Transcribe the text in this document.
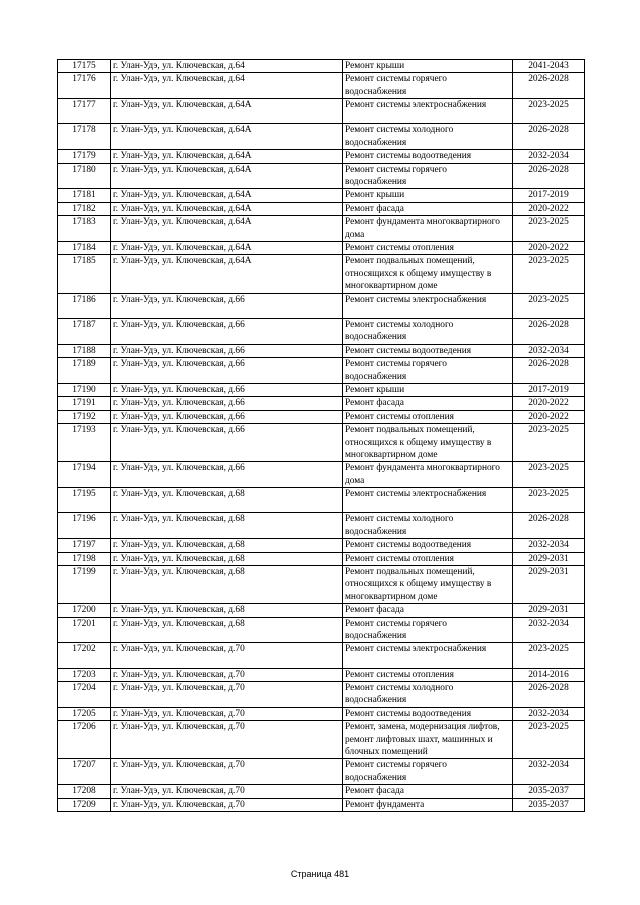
17175	г. Улан-Удэ, ул. Ключевская, д.64	Ремонт крыши	2041-2043
17176	г. Улан-Удэ, ул. Ключевская, д.64	Ремонт системы горячего водоснабжения	2026-2028
17177	г. Улан-Удэ, ул. Ключевская, д.64А	Ремонт системы электроснабжения	2023-2025
17178	г. Улан-Удэ, ул. Ключевская, д.64А	Ремонт системы холодного водоснабжения	2026-2028
17179	г. Улан-Удэ, ул. Ключевская, д.64А	Ремонт системы водоотведения	2032-2034
17180	г. Улан-Удэ, ул. Ключевская, д.64А	Ремонт системы горячего водоснабжения	2026-2028
17181	г. Улан-Удэ, ул. Ключевская, д.64А	Ремонт крыши	2017-2019
17182	г. Улан-Удэ, ул. Ключевская, д.64А	Ремонт фасада	2020-2022
17183	г. Улан-Удэ, ул. Ключевская, д.64А	Ремонт фундамента многоквартирного дома	2023-2025
17184	г. Улан-Удэ, ул. Ключевская, д.64А	Ремонт системы отопления	2020-2022
17185	г. Улан-Удэ, ул. Ключевская, д.64А	Ремонт подвальных помещений, относящихся к общему имуществу в многоквартирном доме	2023-2025
17186	г. Улан-Удэ, ул. Ключевская, д.66	Ремонт системы электроснабжения	2023-2025
17187	г. Улан-Удэ, ул. Ключевская, д.66	Ремонт системы холодного водоснабжения	2026-2028
17188	г. Улан-Удэ, ул. Ключевская, д.66	Ремонт системы водоотведения	2032-2034
17189	г. Улан-Удэ, ул. Ключевская, д.66	Ремонт системы горячего водоснабжения	2026-2028
17190	г. Улан-Удэ, ул. Ключевская, д.66	Ремонт крыши	2017-2019
17191	г. Улан-Удэ, ул. Ключевская, д.66	Ремонт фасада	2020-2022
17192	г. Улан-Удэ, ул. Ключевская, д.66	Ремонт системы отопления	2020-2022
17193	г. Улан-Удэ, ул. Ключевская, д.66	Ремонт подвальных помещений, относящихся к общему имуществу в многоквартирном доме	2023-2025
17194	г. Улан-Удэ, ул. Ключевская, д.66	Ремонт фундамента многоквартирного дома	2023-2025
17195	г. Улан-Удэ, ул. Ключевская, д.68	Ремонт системы электроснабжения	2023-2025
17196	г. Улан-Удэ, ул. Ключевская, д.68	Ремонт системы холодного водоснабжения	2026-2028
17197	г. Улан-Удэ, ул. Ключевская, д.68	Ремонт системы водоотведения	2032-2034
17198	г. Улан-Удэ, ул. Ключевская, д.68	Ремонт системы отопления	2029-2031
17199	г. Улан-Удэ, ул. Ключевская, д.68	Ремонт подвальных помещений, относящихся к общему имуществу в многоквартирном доме	2029-2031
17200	г. Улан-Удэ, ул. Ключевская, д.68	Ремонт фасада	2029-2031
17201	г. Улан-Удэ, ул. Ключевская, д.68	Ремонт системы горячего водоснабжения	2032-2034
17202	г. Улан-Удэ, ул. Ключевская, д.70	Ремонт системы электроснабжения	2023-2025
17203	г. Улан-Удэ, ул. Ключевская, д.70	Ремонт системы отопления	2014-2016
17204	г. Улан-Удэ, ул. Ключевская, д.70	Ремонт системы холодного водоснабжения	2026-2028
17205	г. Улан-Удэ, ул. Ключевская, д.70	Ремонт системы водоотведения	2032-2034
17206	г. Улан-Удэ, ул. Ключевская, д.70	Ремонт, замена, модернизация лифтов, ремонт лифтовых шахт, машинных и блочных помещений	2023-2025
17207	г. Улан-Удэ, ул. Ключевская, д.70	Ремонт системы горячего водоснабжения	2032-2034
17208	г. Улан-Удэ, ул. Ключевская, д.70	Ремонт фасада	2035-2037
17209	г. Улан-Удэ, ул. Ключевская, д.70	Ремонт фундамента	2035-2037
Страница 481
